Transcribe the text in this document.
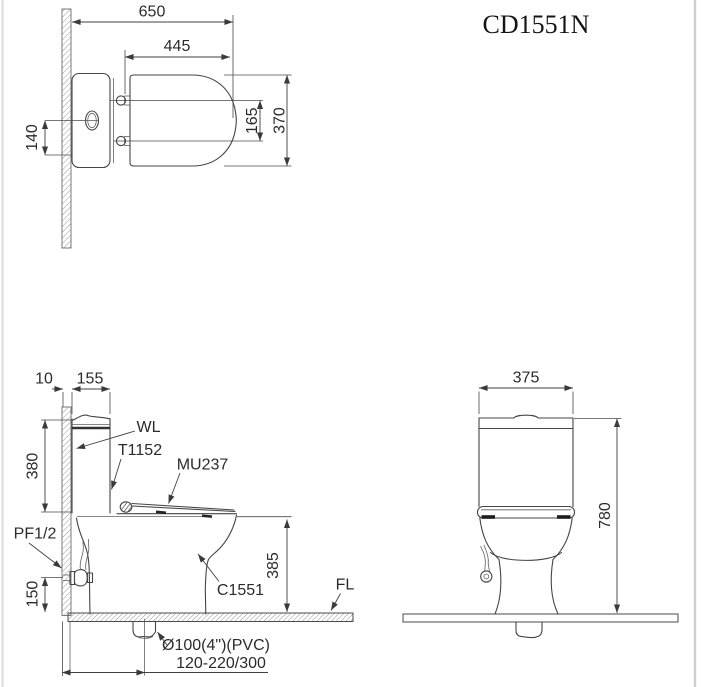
CD1551N
650
445
370
165
140
10 155
380
150
385
120-220/300
WL
T1152
MU237
PF1/2
C1551	FL
Ø100(4")(PVC)
375
780
